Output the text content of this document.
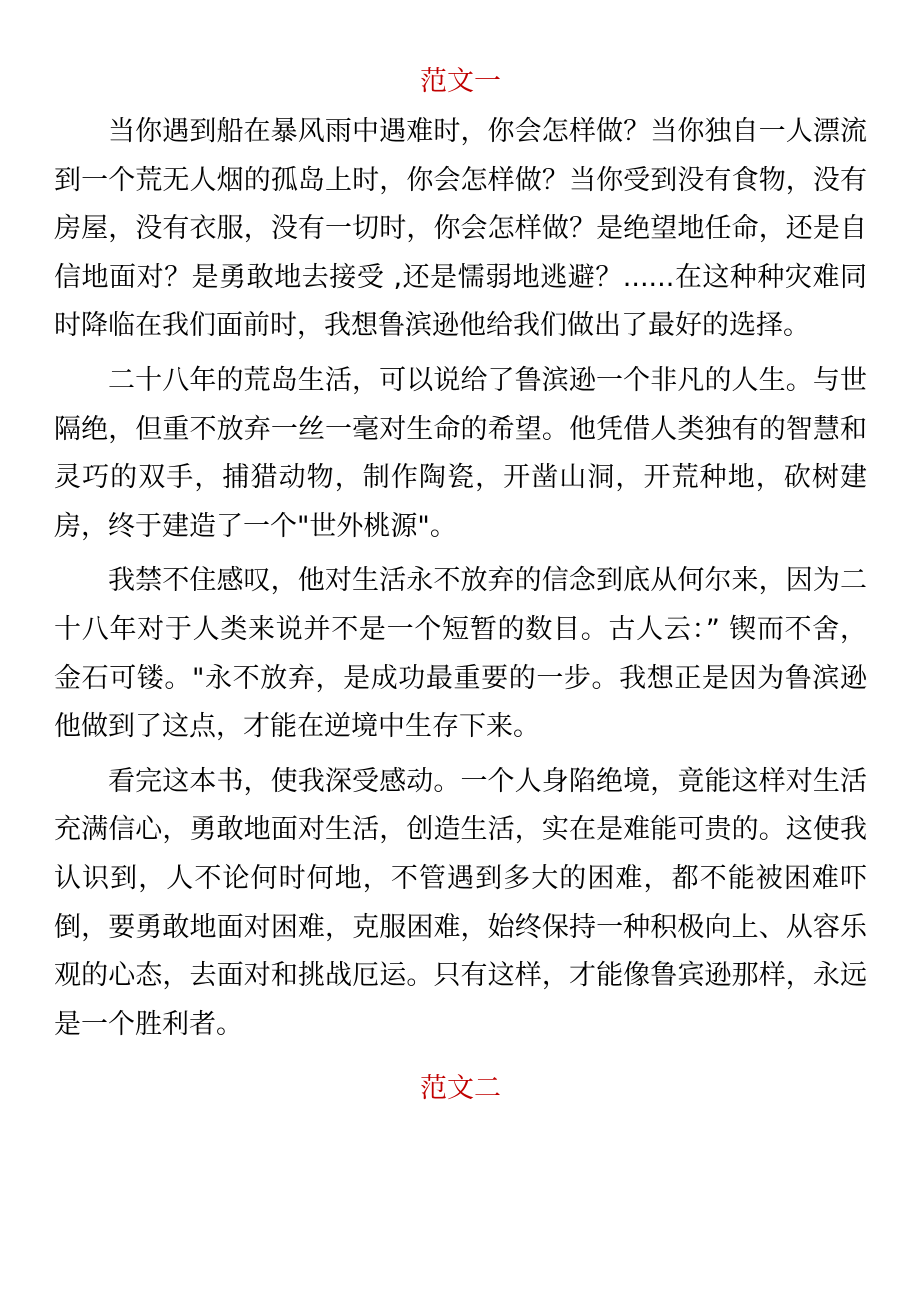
范文一

当你遇到船在暴风雨中遇难时，你会怎样做？当你独自一人漂流到一个荒无人烟的孤岛上时，你会怎样做？当你受到没有食物，没有房屋，没有衣服，没有一切时，你会怎样做？是绝望地任命，还是自信地面对？是勇敢地去接受 ,还是懦弱地逃避？......在这种种灾难同时降临在我们面前时，我想鲁滨逊他给我们做出了最好的选择。

二十八年的荒岛生活，可以说给了鲁滨逊一个非凡的人生。与世隔绝，但重不放弃一丝一毫对生命的希望。他凭借人类独有的智慧和灵巧的双手，捕猎动物，制作陶瓷，开凿山洞，开荒种地，砍树建房，终于建造了一个"世外桃源"。

我禁不住感叹，他对生活永不放弃的信念到底从何尔来，因为二十八年对于人类来说并不是一个短暂的数目。古人云：” 锲而不舍，金石可镂。"永不放弃，是成功最重要的一步。我想正是因为鲁滨逊他做到了这点，才能在逆境中生存下来。

看完这本书，使我深受感动。一个人身陷绝境，竟能这样对生活充满信心，勇敢地面对生活，创造生活，实在是难能可贵的。这使我认识到，人不论何时何地，不管遇到多大的困难，都不能被困难吓倒，要勇敢地面对困难，克服困难，始终保持一种积极向上、从容乐观的心态，去面对和挑战厄运。只有这样，才能像鲁宾逊那样，永远是一个胜利者。

范文二
